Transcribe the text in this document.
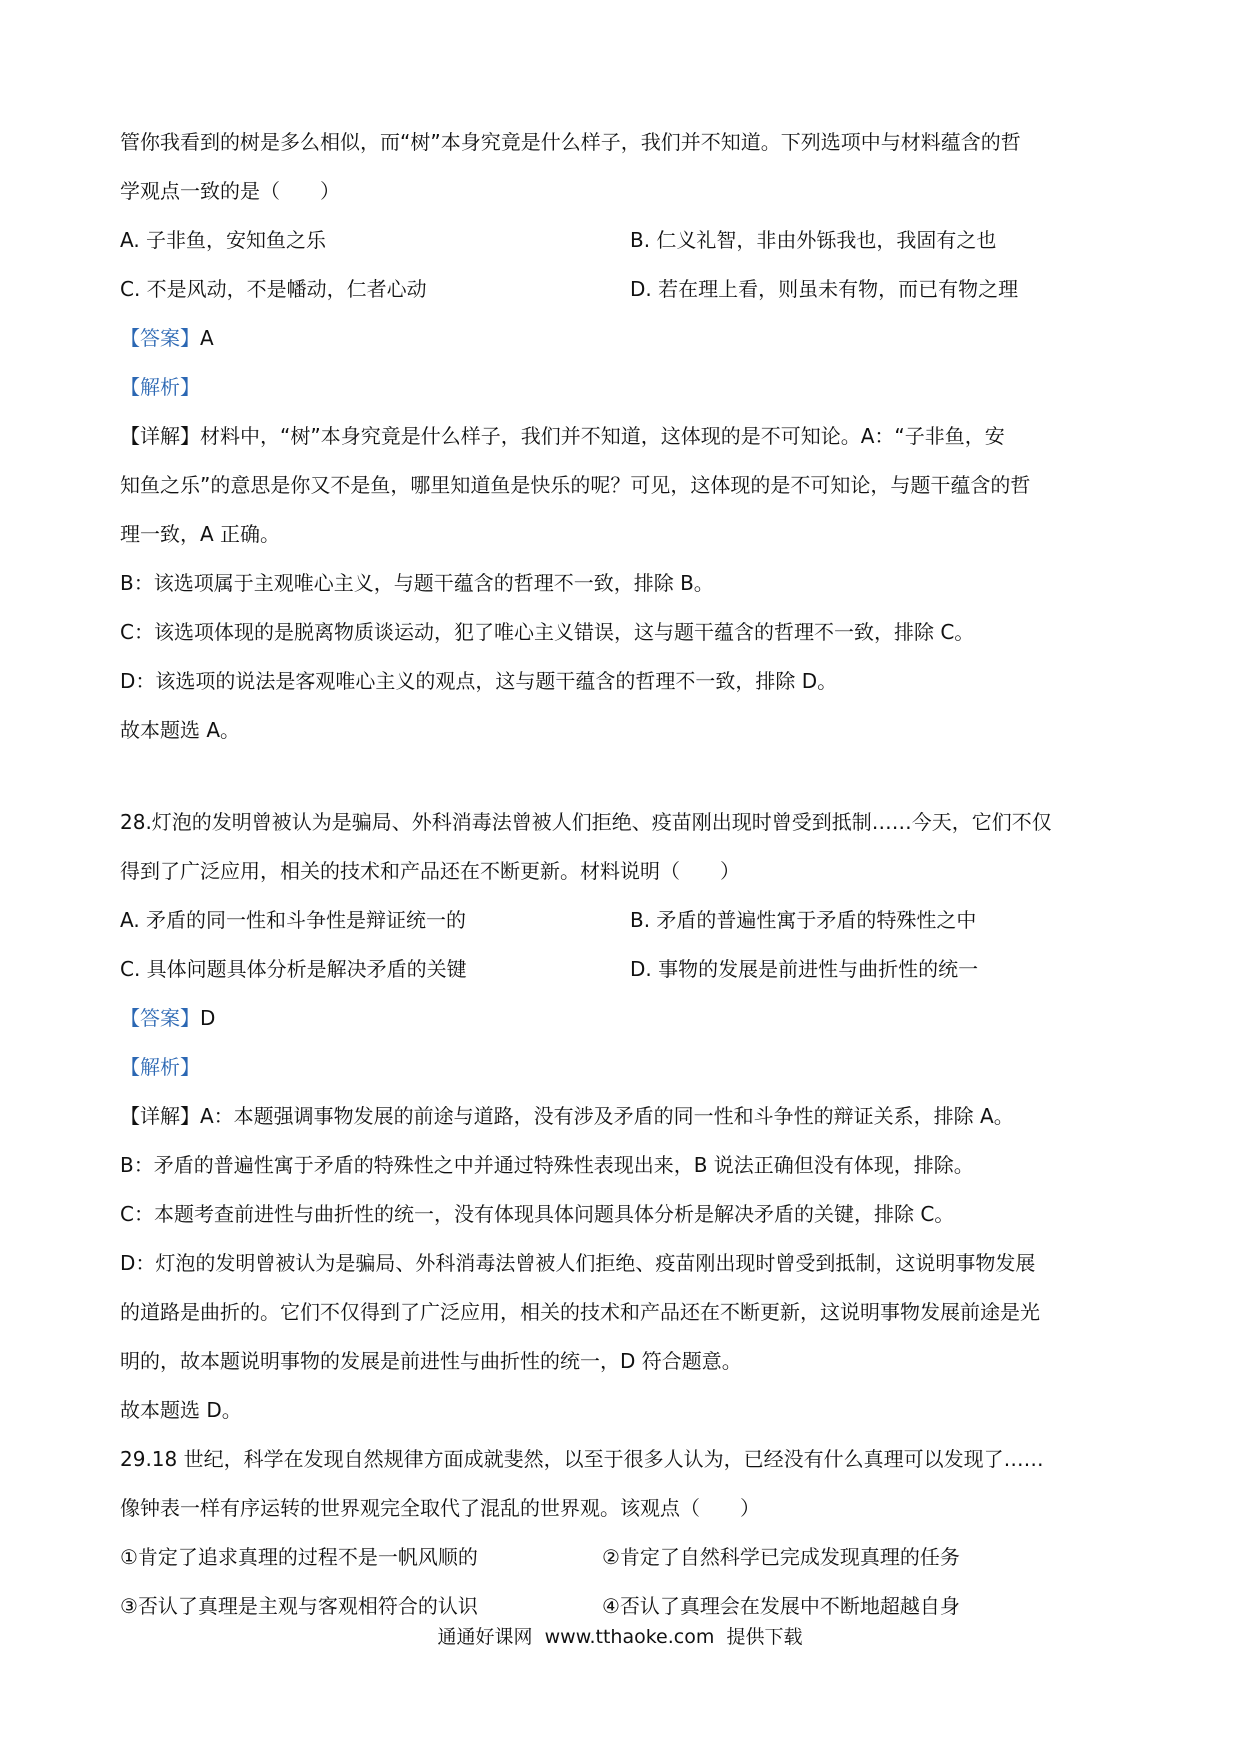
管你我看到的树是多么相似，而“树”本身究竟是什么样子，我们并不知道。下列选项中与材料蕴含的哲
学观点一致的是（　　）
A. 子非鱼，安知鱼之乐	B. 仁义礼智，非由外铄我也，我固有之也
C. 不是风动，不是幡动，仁者心动	D. 若在理上看，则虽未有物，而已有物之理
【答案】A
【解析】
【详解】材料中，“树”本身究竟是什么样子，我们并不知道，这体现的是不可知论。A：“子非鱼，安
知鱼之乐”的意思是你又不是鱼，哪里知道鱼是快乐的呢？可见，这体现的是不可知论，与题干蕴含的哲
理一致，A 正确。
B：该选项属于主观唯心主义，与题干蕴含的哲理不一致，排除 B。
C：该选项体现的是脱离物质谈运动，犯了唯心主义错误，这与题干蕴含的哲理不一致，排除 C。
D：该选项的说法是客观唯心主义的观点，这与题干蕴含的哲理不一致，排除 D。
故本题选 A。
28.灯泡的发明曾被认为是骗局、外科消毒法曾被人们拒绝、疫苗刚出现时曾受到抵制……今天，它们不仅
得到了广泛应用，相关的技术和产品还在不断更新。材料说明（　　）
A. 矛盾的同一性和斗争性是辩证统一的	B. 矛盾的普遍性寓于矛盾的特殊性之中
C. 具体问题具体分析是解决矛盾的关键	D. 事物的发展是前进性与曲折性的统一
【答案】D
【解析】
【详解】A：本题强调事物发展的前途与道路，没有涉及矛盾的同一性和斗争性的辩证关系，排除 A。
B：矛盾的普遍性寓于矛盾的特殊性之中并通过特殊性表现出来，B 说法正确但没有体现，排除。
C：本题考查前进性与曲折性的统一，没有体现具体问题具体分析是解决矛盾的关键，排除 C。
D：灯泡的发明曾被认为是骗局、外科消毒法曾被人们拒绝、疫苗刚出现时曾受到抵制，这说明事物发展
的道路是曲折的。它们不仅得到了广泛应用，相关的技术和产品还在不断更新，这说明事物发展前途是光
明的，故本题说明事物的发展是前进性与曲折性的统一，D 符合题意。
故本题选 D。
29.18 世纪，科学在发现自然规律方面成就斐然，以至于很多人认为，已经没有什么真理可以发现了……
像钟表一样有序运转的世界观完全取代了混乱的世界观。该观点（　　）
①肯定了追求真理的过程不是一帆风顺的	②肯定了自然科学已完成发现真理的任务
③否认了真理是主观与客观相符合的认识	④否认了真理会在发展中不断地超越自身
通通好课网 www.tthaoke.com 提供下载
